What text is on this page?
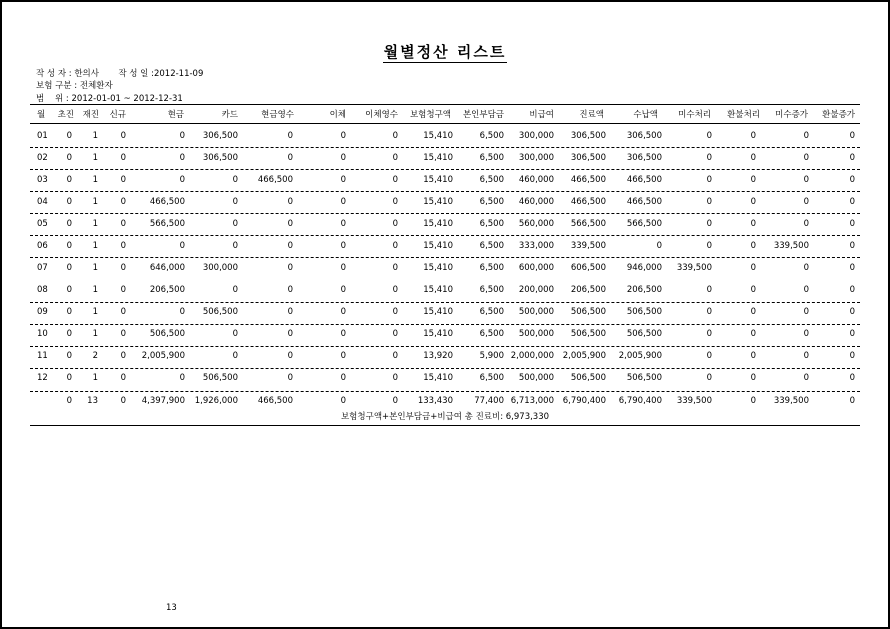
월별정산 리스트
작 성 자 : 한의사 작 성 일 :2012-11-09
보험 구분 : 전체환자
범    위 : 2012-01-01 ~ 2012-12-31
월 초진 재진 신규	현금	카드	현금영수	이체 이체영수 보험청구액 본인부담금	비급여	진료액	수납액 미수처리 환불처리 미수증가 환불증가
01 0 1	0	0 306,500	0	0	0	15,410	6,500 300,000 306,500 306,500	0	0	0	0
02 0 1	0	0 306,500	0	0	0	15,410	6,500 300,000 306,500 306,500	0	0	0	0
03 0 1	0	0	0 466,500	0	0	15,410	6,500 460,000 466,500 466,500	0	0	0	0
04 0 1	0	466,500	0	0	0	0	15,410	6,500 460,000 466,500 466,500	0	0	0	0
05 0 1	0	566,500	0	0	0	0	15,410	6,500 560,000 566,500 566,500	0	0	0	0
06 0 1	0	0	0	0	0	0	15,410	6,500 333,000 339,500	0	0	0 339,500	0
07 0 1	0	646,000 300,000	0	0	0	15,410	6,500 600,000 606,500 946,000 339,500	0	0	0
08 0 1	0	206,500	0	0	0	0	15,410	6,500 200,000 206,500 206,500	0	0	0	0
09 0 1	0	0 506,500	0	0	0	15,410	6,500 500,000 506,500 506,500	0	0	0	0
10 0 1	0	506,500	0	0	0	0	15,410	6,500 500,000 506,500 506,500	0	0	0	0
11 0 2	0 2,005,900	0	0	0	0	13,920	5,900 2,000,000 2,005,900 2,005,900	0	0	0	0
12 0 1	0	0 506,500	0	0	0	15,410	6,500 500,000 506,500 506,500	0	0	0	0
0 13	0 4,397,900 1,926,000 466,500	0	0 133,430	77,400 6,713,000 6,790,400 6,790,400 339,500	0 339,500	0
보험청구액+본인부담금+비급여 총 진료비: 6,973,330
13
